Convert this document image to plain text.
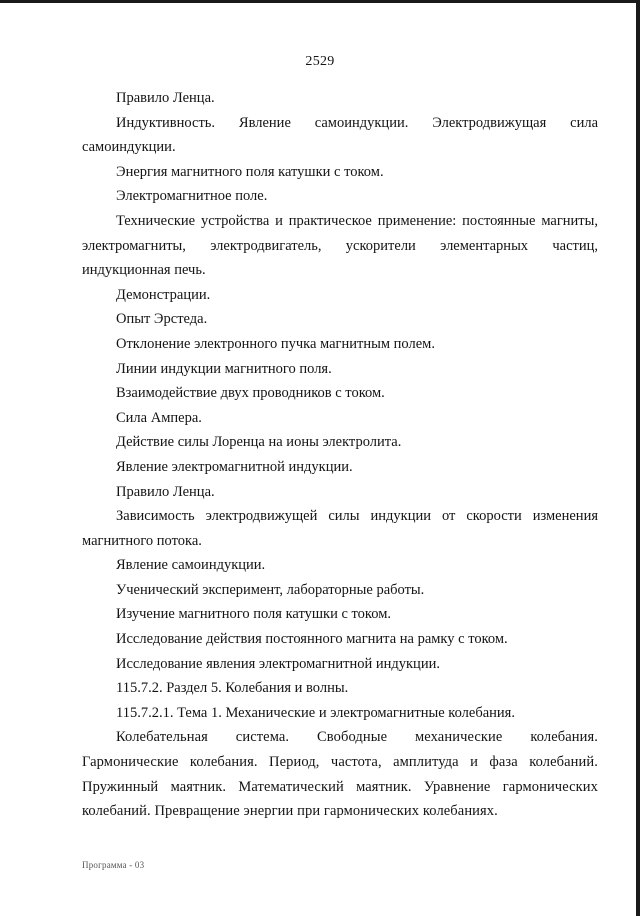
2529

Правило Ленца.

Индуктивность. Явление самоиндукции. Электродвижущая сила самоиндукции.

Энергия магнитного поля катушки с током.

Электромагнитное поле.

Технические устройства и практическое применение: постоянные магниты, электромагниты, электродвигатель, ускорители элементарных частиц, индукционная печь.

Демонстрации.

Опыт Эрстеда.

Отклонение электронного пучка магнитным полем.

Линии индукции магнитного поля.

Взаимодействие двух проводников с током.

Сила Ампера.

Действие силы Лоренца на ионы электролита.

Явление электромагнитной индукции.

Правило Ленца.

Зависимость электродвижущей силы индукции от скорости изменения магнитного потока.

Явление самоиндукции.

Ученический эксперимент, лабораторные работы.

Изучение магнитного поля катушки с током.

Исследование действия постоянного магнита на рамку с током.

Исследование явления электромагнитной индукции.

115.7.2. Раздел 5. Колебания и волны.

115.7.2.1. Тема 1. Механические и электромагнитные колебания.

Колебательная система. Свободные механические колебания. Гармонические колебания. Период, частота, амплитуда и фаза колебаний. Пружинный маятник. Математический маятник. Уравнение гармонических колебаний. Превращение энергии при гармонических колебаниях.

Программа - 03
